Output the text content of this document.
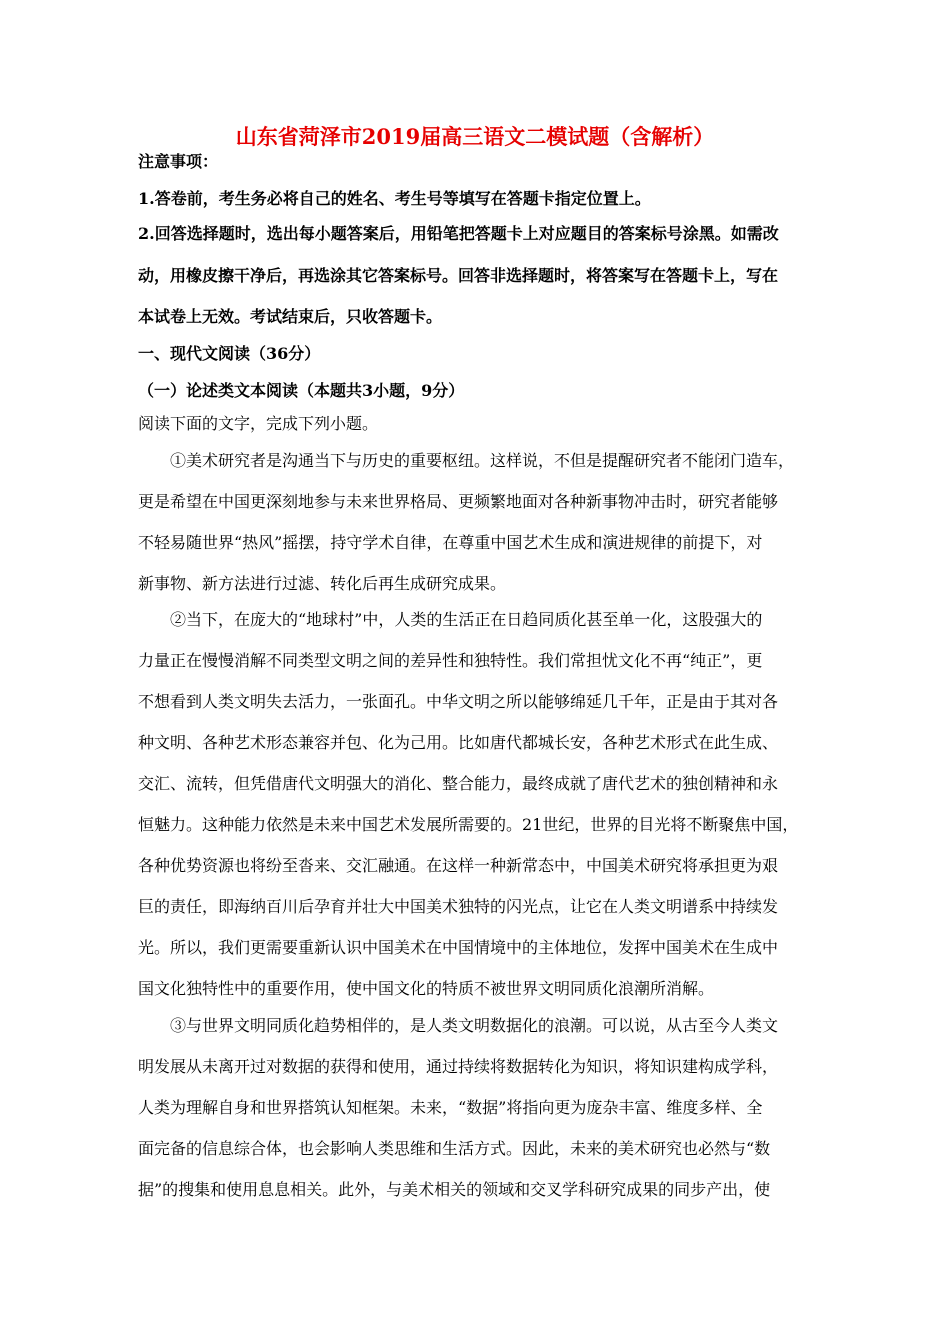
山东省菏泽市2019届高三语文二模试题（含解析）
注意事项：
1.答卷前，考生务必将自己的姓名、考生号等填写在答题卡指定位置上。
2.回答选择题时，选出每小题答案后，用铅笔把答题卡上对应题目的答案标号涂黑。如需改
动，用橡皮擦干净后，再选涂其它答案标号。回答非选择题时，将答案写在答题卡上，写在
本试卷上无效。考试结束后，只收答题卡。
一、现代文阅读（36分）
（一）论述类文本阅读（本题共3小题，9分）
阅读下面的文字，完成下列小题。
①美术研究者是沟通当下与历史的重要枢纽。这样说，不但是提醒研究者不能闭门造车，
更是希望在中国更深刻地参与未来世界格局、更频繁地面对各种新事物冲击时，研究者能够
不轻易随世界“热风”摇摆，持守学术自律，在尊重中国艺术生成和演进规律的前提下，对
新事物、新方法进行过滤、转化后再生成研究成果。
②当下，在庞大的“地球村”中，人类的生活正在日趋同质化甚至单一化，这股强大的
力量正在慢慢消解不同类型文明之间的差异性和独特性。我们常担忧文化不再“纯正”，更
不想看到人类文明失去活力，一张面孔。中华文明之所以能够绵延几千年，正是由于其对各
种文明、各种艺术形态兼容并包、化为己用。比如唐代都城长安，各种艺术形式在此生成、
交汇、流转，但凭借唐代文明强大的消化、整合能力，最终成就了唐代艺术的独创精神和永
恒魅力。这种能力依然是未来中国艺术发展所需要的。21世纪，世界的目光将不断聚焦中国，
各种优势资源也将纷至沓来、交汇融通。在这样一种新常态中，中国美术研究将承担更为艰
巨的责任，即海纳百川后孕育并壮大中国美术独特的闪光点，让它在人类文明谱系中持续发
光。所以，我们更需要重新认识中国美术在中国情境中的主体地位，发挥中国美术在生成中
国文化独特性中的重要作用，使中国文化的特质不被世界文明同质化浪潮所消解。
③与世界文明同质化趋势相伴的，是人类文明数据化的浪潮。可以说，从古至今人类文
明发展从未离开过对数据的获得和使用，通过持续将数据转化为知识，将知识建构成学科，
人类为理解自身和世界搭筑认知框架。未来，“数据”将指向更为庞杂丰富、维度多样、全
面完备的信息综合体，也会影响人类思维和生活方式。因此，未来的美术研究也必然与“数
据”的搜集和使用息息相关。此外，与美术相关的领域和交叉学科研究成果的同步产出，使
